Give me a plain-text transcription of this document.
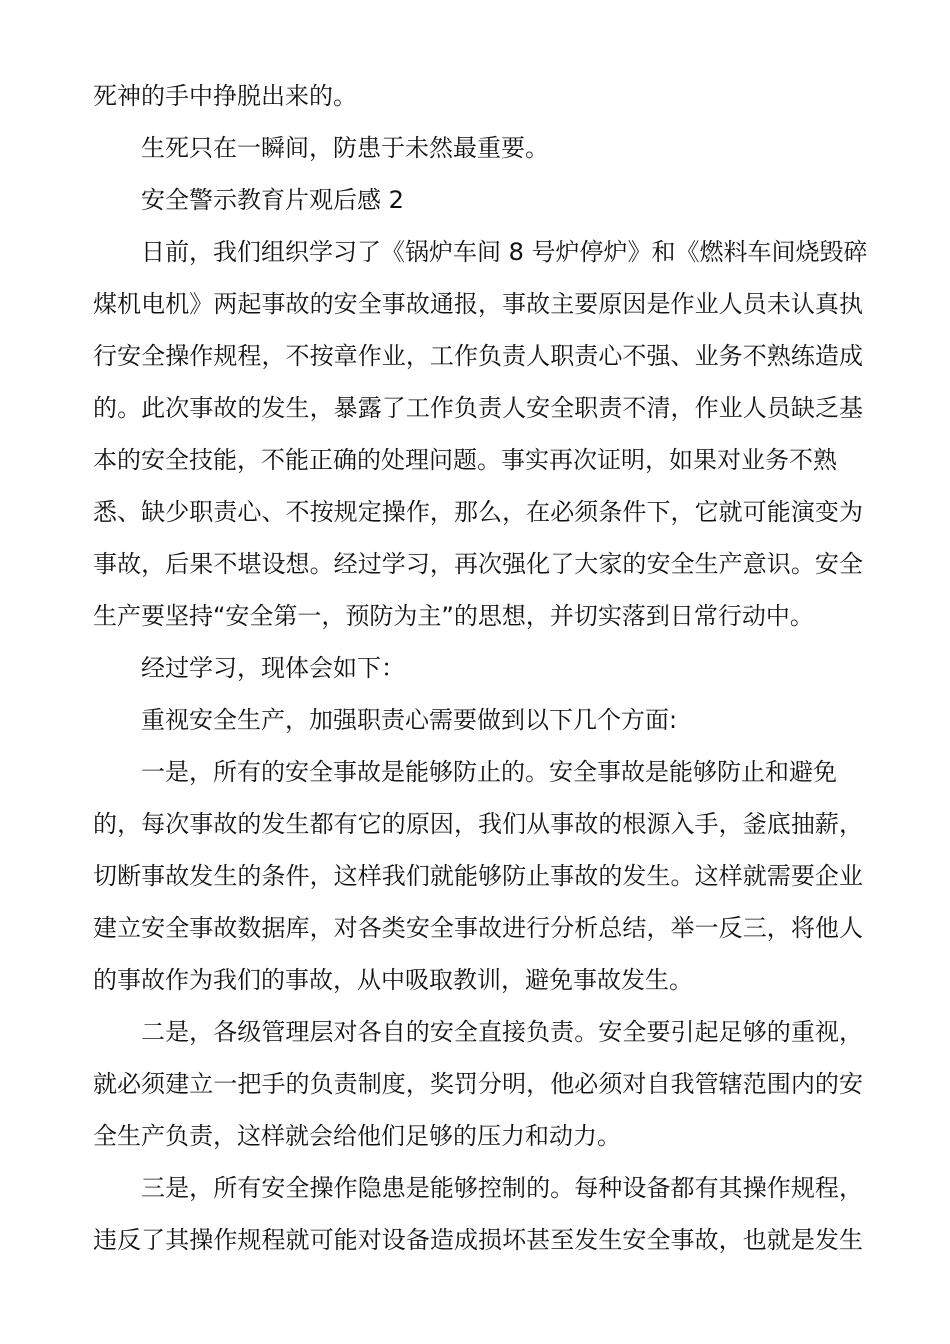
死神的手中挣脱出来的。
生死只在一瞬间，防患于未然最重要。
安全警示教育片观后感 2
日前，我们组织学习了《锅炉车间 8 号炉停炉》和《燃料车间烧毁碎
煤机电机》两起事故的安全事故通报，事故主要原因是作业人员未认真执
行安全操作规程，不按章作业，工作负责人职责心不强、业务不熟练造成
的。此次事故的发生，暴露了工作负责人安全职责不清，作业人员缺乏基
本的安全技能，不能正确的处理问题。事实再次证明，如果对业务不熟
悉、缺少职责心、不按规定操作，那么，在必须条件下，它就可能演变为
事故，后果不堪设想。经过学习，再次强化了大家的安全生产意识。安全
生产要坚持“安全第一，预防为主”的思想，并切实落到日常行动中。
经过学习，现体会如下：
重视安全生产，加强职责心需要做到以下几个方面:
一是，所有的安全事故是能够防止的。安全事故是能够防止和避免
的，每次事故的发生都有它的原因，我们从事故的根源入手，釜底抽薪，
切断事故发生的条件，这样我们就能够防止事故的发生。这样就需要企业
建立安全事故数据库，对各类安全事故进行分析总结，举一反三，将他人
的事故作为我们的事故，从中吸取教训，避免事故发生。
二是，各级管理层对各自的安全直接负责。安全要引起足够的重视，
就必须建立一把手的负责制度，奖罚分明，他必须对自我管辖范围内的安
全生产负责，这样就会给他们足够的压力和动力。
三是，所有安全操作隐患是能够控制的。每种设备都有其操作规程，
违反了其操作规程就可能对设备造成损坏甚至发生安全事故，也就是发生
